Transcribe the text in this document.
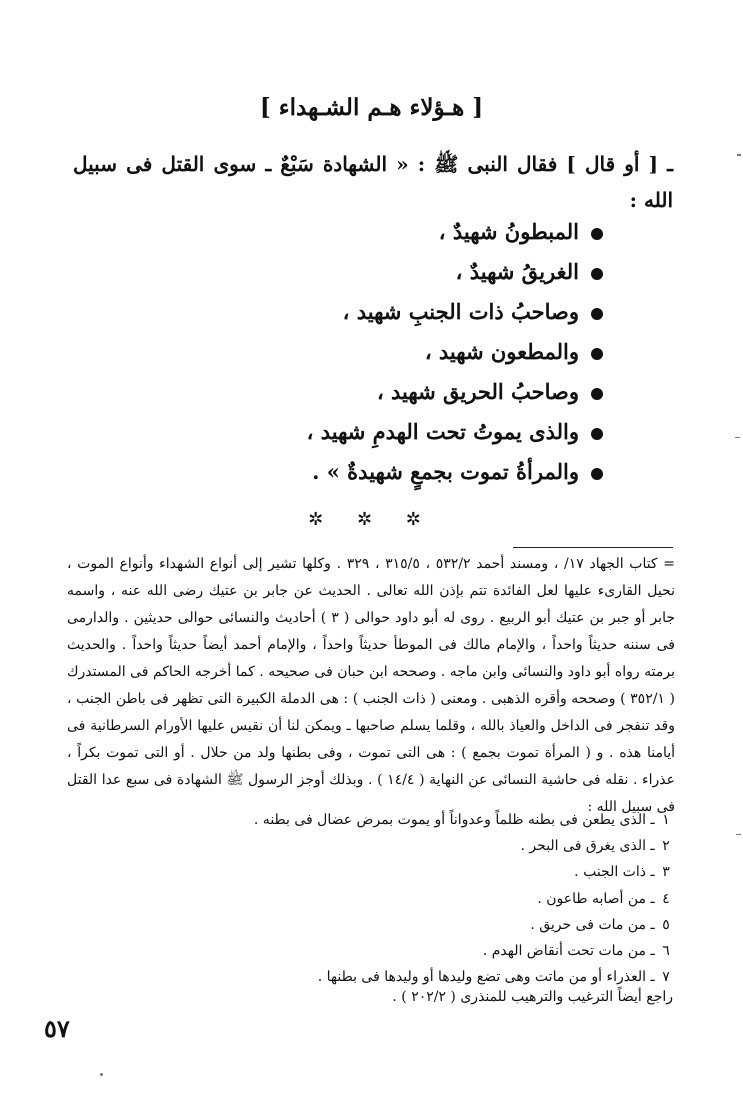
[ هـؤلاء هـم الشـهداء ]
ـ [ أو قال ] فقال النبى ﷺ : « الشهادة سَبْعٌ ـ سوى القتل فى سبيل الله :
المبطونُ شهيدٌ ،
الغريقُ شهيدٌ ،
وصاحبُ ذات الجنبِ شهيد ،
والمطعون شهيد ،
وصاحبُ الحريق شهيد ،
والذى يموتُ تحت الهدمِ شهيد ،
والمرأةُ تموت بجمعٍ شهيدةٌ » .
✲ ✲ ✲

= كتاب الجهاد ١٧/ ، ومسند أحمد ٥٣٢/٢ ، ٣١٥/٥ ، ٣٢٩ . وكلها تشير إلى أنواع الشهداء وأنواع الموت ، نحيل القارىء عليها لعل الفائدة تتم بإذن الله تعالى . الحديث عن جابر بن عتيك رضى الله عنه ، واسمه جابر أو جبر بن عتيك أبو الربيع . روى له أبو داود حوالى ( ٣ ) أحاديث والنسائى حوالى حديثين . والدارمى فى سننه حديثاً واحداً ، والإمام مالك فى الموطأ حديثاً واحداً ، والإمام أحمد أيضاً حديثاً واحداً . والحديث برمته رواه أبو داود والنسائى وابن ماجه . وصححه ابن حبان فى صحيحه . كما أخرجه الحاكم فى المستدرك ( ٣٥٢/١ ) وصححه وأقره الذهبى . ومعنى ( ذات الجنب ) : هى الدملة الكبيرة التى تظهر فى باطن الجنب ، وقد تنفجر فى الداخل والعياذ بالله ، وقلما يسلم صاحبها ـ ويمكن لنا أن نقيس عليها الأورام السرطانية فى أيامنا هذه . و ( المرأة تموت بجمع ) : هى التى تموت ، وفى بطنها ولد من حلال . أو التى تموت بكراً ، عذراء . نقله فى حاشية النسائى عن النهاية ( ١٤/٤ ) . وبذلك أوجز الرسول ﷺ الشهادة فى سبع عدا القتل فى سبيل الله :

١ ـ الذى يطعن فى بطنه ظلماً وعدواناً أو يموت بمرض عضال فى بطنه .
٢ ـ الذى يغرق فى البحر .
٣ ـ ذات الجنب .
٤ ـ من أصابه طاعون .
٥ ـ من مات فى حريق .
٦ ـ من مات تحت أنقاض الهدم .
٧ ـ العذراء أو من ماتت وهى تضع وليدها أو وليدها فى بطنها .
راجع أيضاً الترغيب والترهيب للمنذرى ( ٢٠٢/٢ ) .
٥٧
